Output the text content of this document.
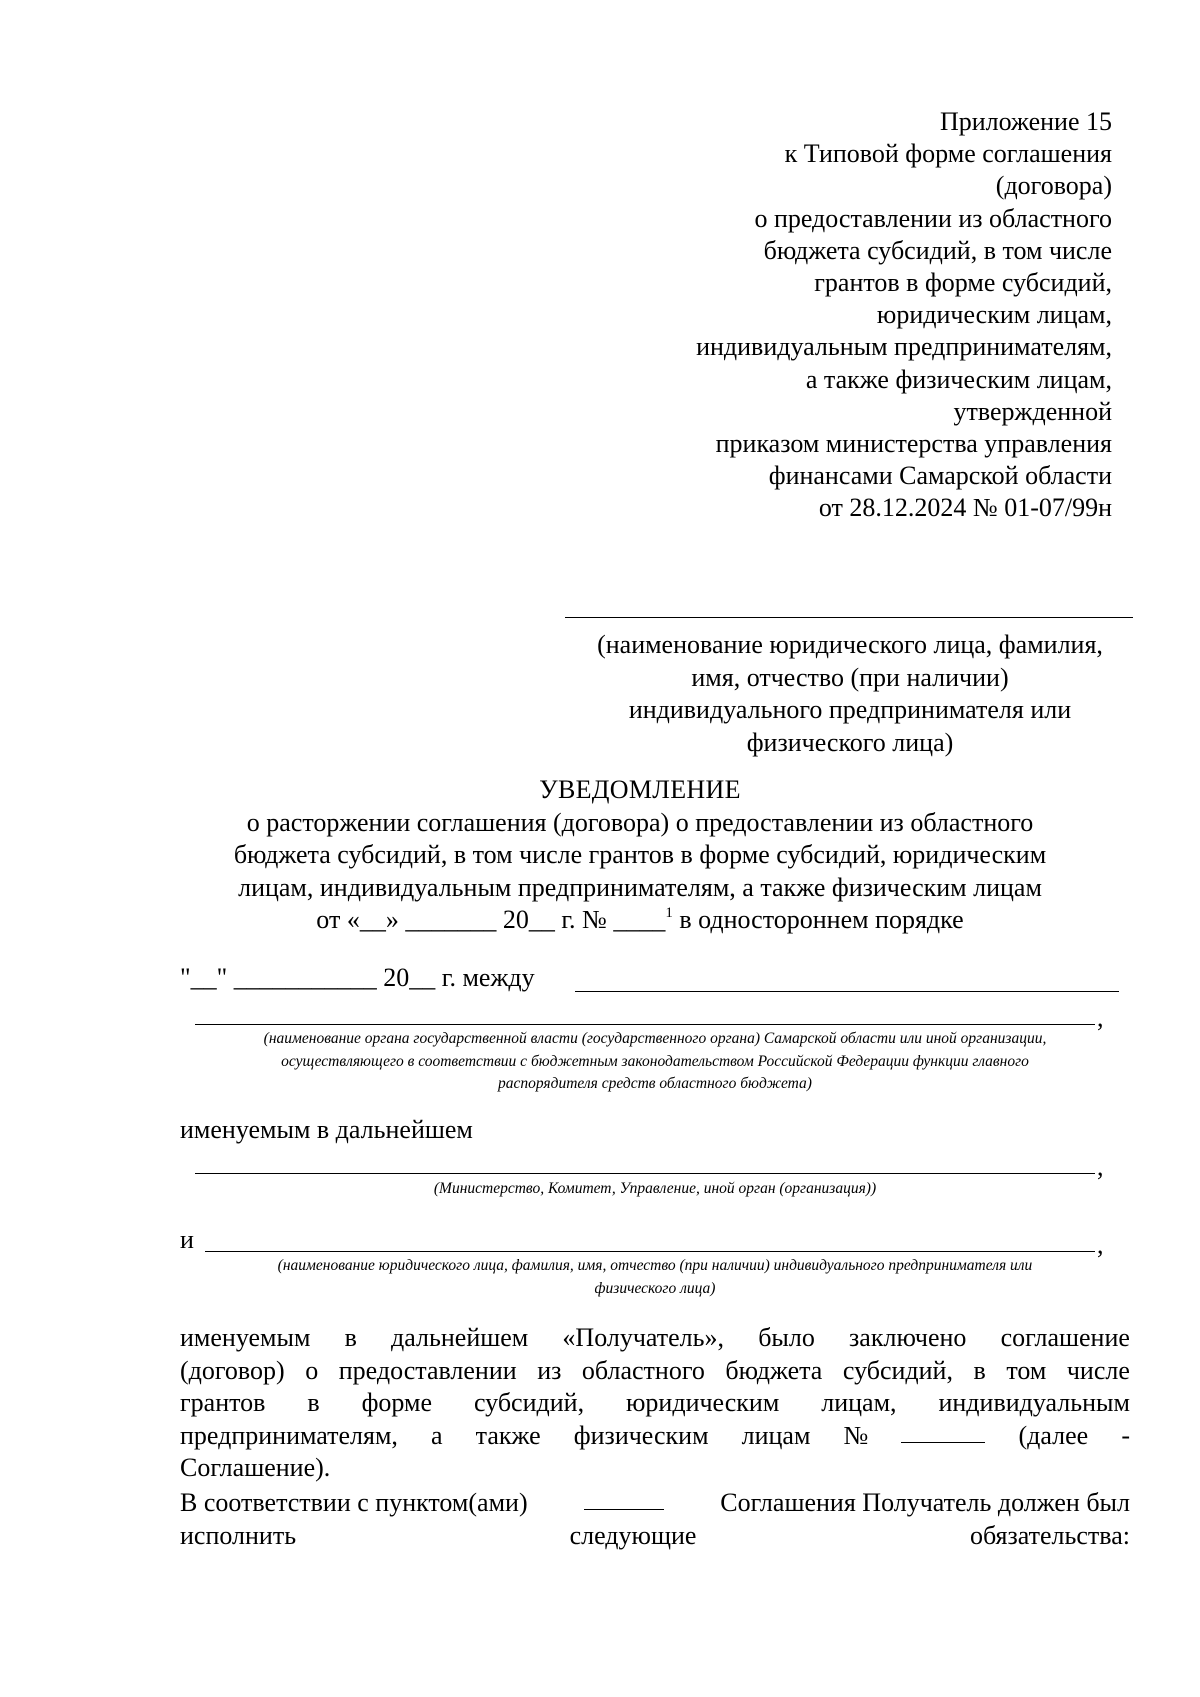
Приложение 15
к Типовой форме соглашения
(договора)
о предоставлении из областного
бюджета субсидий, в том числе
грантов в форме субсидий,
юридическим лицам,
индивидуальным предпринимателям,
а также физическим лицам,
утвержденной
приказом министерства управления
финансами Самарской области
от 28.12.2024 № 01-07/99н
(наименование юридического лица, фамилия,
имя, отчество (при наличии)
индивидуального предпринимателя или
физического лица)
УВЕДОМЛЕНИЕ
о расторжении соглашения (договора) о предоставлении из областного
бюджета субсидий, в том числе грантов в форме субсидий, юридическим
лицам, индивидуальным предпринимателям, а также физическим лицам
от «__» _______ 20__ г. № ____$^1$ в одностороннем порядке
"__" ___________ 20__ г. между
,
(наименование органа государственной власти (государственного органа) Самарской области или иной организации,
осуществляющего в соответствии с бюджетным законодательством Российской Федерации функции главного
распорядителя средств областного бюджета)
именуемым в дальнейшем
,
(Министерство, Комитет, Управление, иной орган (организация))
и	,
(наименование юридического лица, фамилия, имя, отчество (при наличии) индивидуального предпринимателя или
физического лица)
именуемым в дальнейшем «Получатель», было заключено соглашение
(договор) о предоставлении из областного бюджета субсидий, в том числе
грантов в форме субсидий, юридическим лицам, индивидуальным
предпринимателям, а также физическим лицам №	(далее -
Соглашение).
В соответствии с пунктом(ами)	Соглашения Получатель должен был
исполнить	следующие	обязательства:
